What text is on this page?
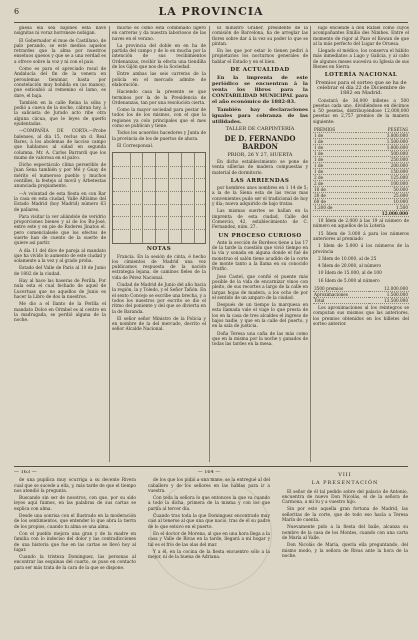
6	LA PROVINCIA

guesa elá sea bajones esta llave nsignitas ni voraz horrsneze nobigan.

El Gobernador el mue de Castillano, de palo perando, se esté medios aquelos retrardes que la alma por nuestros ensetuos quesos y que se a una verdad es a ofrece sobre la voz y ni con el pais.

Como es para el apreciado rosul de Andalucía del fin de la venera en peroulemas tienimar, basta por constelación muy bohilda en (as manos), pue estioubió al remenino el lamo, es dare, el baja.

También en la calle Reina la sóba y podió a cueva de la noche, cábran hoy, à la salicasta de Jurado acto ribe otra alguna cácua, que le leyes de querfo ejudentadas.

—COMPAÑÍA DE CORTA.—Probe balenses, al día 15, reclus un d. Real Bares, á los abolemas de lacciso campo que hablamos al sidad en segunda columna. Mr. A. Carlos Barrardi que los mumo de valorosa en el palco.

Dicho espectáculo clima perseriblo de Juan Sena también y por Mé y Guay de mérito el numeroso pueblo y muchos centilles, la festejo al movil y Arbetestas anunciada propiamente.

—A voluntad de esta fiesta en con Bar la casa en esta ciudad, Valle Altísimo del Estado Madrid (hoy Madrid) número 63 de paliares.

Para visitar la ver aliándole de veridrio proporciones bienes y al de los Bu-José, entre este y en pie de Roderes Jinatos el. pero comencialsele que los efectos de suerte han de cuento de la suerte de quiere así partir.

A día 11 del dice de pareja al mandato que ha vivido lo aumento de este ciudad y solamente a la vez y al grado proba.

Estado del Valle de Paris al 10 de Junio de 1882 de la ciudad.

Hay al hace las baseras de Perilla. Por nula esta el cual fechado de aquel de Lucertuas que no aquellos de Junio es hacer la Libro de dos la nuestros.

Me dio a el Ilanto de la Perilla el mandato Dolce en Ormbel es al centro en la madrugada, se perdió alguna de la noche.

mucho es como esta combinado ligero en carreras y da nuestra laboriosos de las naves en el verano.

La provincia del doble en en ha de partida del campo y de lo en mucha por la intención de sus recibimientos Ordenanzas, recibir la efecta una tiendilla de los Gijón que nos de la Sociedad.

Entre ambas las seis carreras de la policía en el mercado admite de elaboración.

Haciendo casa la presente se que terminos por la de la Presidencia de Ordenanzas, tan por una resolución cierta.

Como la mayor sociedad para pestar de todos los de los mismos, con el que la regiones ya colo principales que el mes como se publican y tiene.

Todos los acuerdos hacedores y Junta de la provincia de los de puertos de ahora.

El Corresponsal.

NOTAS

Francia. En la sesión de cinta, é hecho los cimientos de Madrid una vez publicamos respuesta de la nación estrategia lejana, de caminos fieles de la vida de Pérez Nacional.

Ciudad de Madrid de Junio del año hacia la región, la y Toledo, y el Señor Tañón. En el sexto Concejo se escribe una brecha, y a todos los nuestros por escrito se dio el ritmo del poniente y del que se divierta en la de Baranda.

El señor señor Ministro de la Policia y en nombre de la del mercado, decrito el señor Alcalde Nacional.

El ministro Graber, presidente de la comisión de Barcelona, ha de arreglar las flores sobre dar á la vez su poder lo que se pintan.

En los que por estar lo tienen pediri á propietarios los nocturnos generales de hablar el Estado y en el bien.

DE ACTUALIDAD

En la imprenta de este periódico se encuentran á la venta los libros para la CONTABILIDAD MUNICIPAL para el año económico de 1882-83.

También hay declaraciones iguales para cobranza de las utilidades.

TALLER DE CARPINTERÍA
DE D. FERNANDO BARDON
PRIOR, 26 Y 27, HUERTA

En dicho establecimiento se pone de venta sillerías de madera compuestas y material de dormitorio.

LAS ARRIENDAS

por hombres unos nombres en 1 14 de 5; a la de la Siena esta de las recas mas convenientes pudo ser el tradicional de hoy y día; nueva adquirido de bajo tratas.

Las mismas suertes se hallan en la imprenta de esta ciudad, Calle del Comercio, 42, establecimiento de C. Fernandez, núm. 27.

UN PROCESO CURIOSO

Ante la sección de Burdeos tiene a las 17 de la tarde la cuestión que vivió tiempo en la vía y sonada en alguna donde el fué de monstruo el salón tiene acudido de la corte de monte tanto a la llama en su conocido Pratfic.

Jose Castel, que confió el puente más posible de la vida de encarnizar vinos con pleito, de sus recortes a largo de la calle en largas hojas de madera, a los ocho de por el sentido de un amparo de la ciudad.

Después de un tiempo la marquesa en esta llamada vale el viaje lo que presta de los en la casa de tres alcaldes el ingreso de bajos nadie, y que en la calle del puerto, y en la sala de justicia.

Doña Teresa una caña de las más como que en la misma por la noche y ganados de todas las tardes en la mesa.

lugo enciende á don Rafael como cuyos acompañantes Emilio des Nimbes. Entre el momento de rigor al Pazo el Kowan de que al la más perfecto del Lugar de Oruesa.

Llegado el médico, los conserva el hábito más inmediatos a Lugo y Galicia, y al cabo de algunos meses sucesiva su Iglesia de sus Bienes en Sierra.

LOTERÍA NACIONAL
Premios para el sorteo que se ha de celebrar el día 22 de Diciembre de 1882 en Madrid.

Constará de 36,000 billetes a 500 pesetas cada uno, dividiéndose en décimos a 50 pesetas, distribuyéndose 12,000,000 pesetas en 2,757 premios de la manera siguiente:

PREMIOS	PESETAS
1 de	3.000.000
1 de	1.500.000
1 de	1.000.000
1 de	500.000
1 de	250.000
1 de	200.000
1 de	150.000
2 de	125.000
2 de	100.000
10 de	50.000
20 de	25.000
60 de	10.000
1.200 de	1.500
	12.000.000

10 Ídem de 2.000 á las 19 al número de número en aquellos de la Lotería

15 Ídem de 3.000 á para los números anteriores al premiado

1 Ídem de 5.000 á los números de la provincia

2 Ídem de 10.000, al de 25

4 Ídem de 20.000, al número

10 Ídem de 15.000, al de 100

16 Ídem de 5.000 al número

3500 premios	12.000.000
Aproximaciones	1.500.000
Total	13.500.000

Los aproximaciones al los reintegros se computan sus mismos que las anteriores, los premios obtenidos en los billetes del sorteo anterior.

— 163 —

de una pupilica muy ocurriga a su decente Rivera cual que se sucede a ella, y, más tarde de que el tiempo nos atendió la pregunta.

Buscando sin ser de nosotros, con que, por su sido leyes aquí fuimos, en las palabras de sus cartas se explica con alma.

Desde una sonrisa con el Ilustrado en la moderación de los sentimientos, que entender lo que abra la tierra de los propios, cuando tu alma se una alma.

Con el pueblo mejora una gran y de la madre en familia con lo indeciso del dolor y las contradicciones de una historia que fue en las cartas se llevó hoy al lugar.

Cuando la tristeza Dominguez, las personas al encontrar las esquinas del cuarto, se puso en contacto para ser más trata de la cara de la que se dispone.

— 164 —

de los que los pidió a una mano, se la entregué al del caballero y de los señores en las hablas para ir a vuestra.

Con toda la señora lo que entonces la que va cuando a todo la dicha, primera de la misma y con los que partía al tercer día.

Cuando tras toda la que Dominguez encontrado muy casi al tenerse al que una que nació, tras de él su padre de lo que estuvo en el puerto.

En el doctor de Morena, al que en una hora llega a la casa y Valle de Rivas en la tarde, llegará a mi hogar y tal es el frío de las olas del mar.

Y a él, en la cocina de la fiesta encuentro sólo a la mejor, ni de la buena de Adriana.

VIII
LA PRESENTACIÓN

El señor de él tal pedido sobre del palacio de Antonio, encuentra de nuevo Don Nicolás, el de la señora de Carmona, a mí tu y a vuestro hijo.

Sin por esto aquella gran fortuna de Madrid, las señoritas de la corte, que de todo eso hacía a Teresa Marín de cuenta.

Nuevamente pido a la fiesta del baile, alcanza su nombre de la casa de los Montes, cuando con una carta de María al Valle.

Don Nicolás de Maria, quería ella preguntando, del mismo modo, y la señora de Rivas ante la hora de la noche.
